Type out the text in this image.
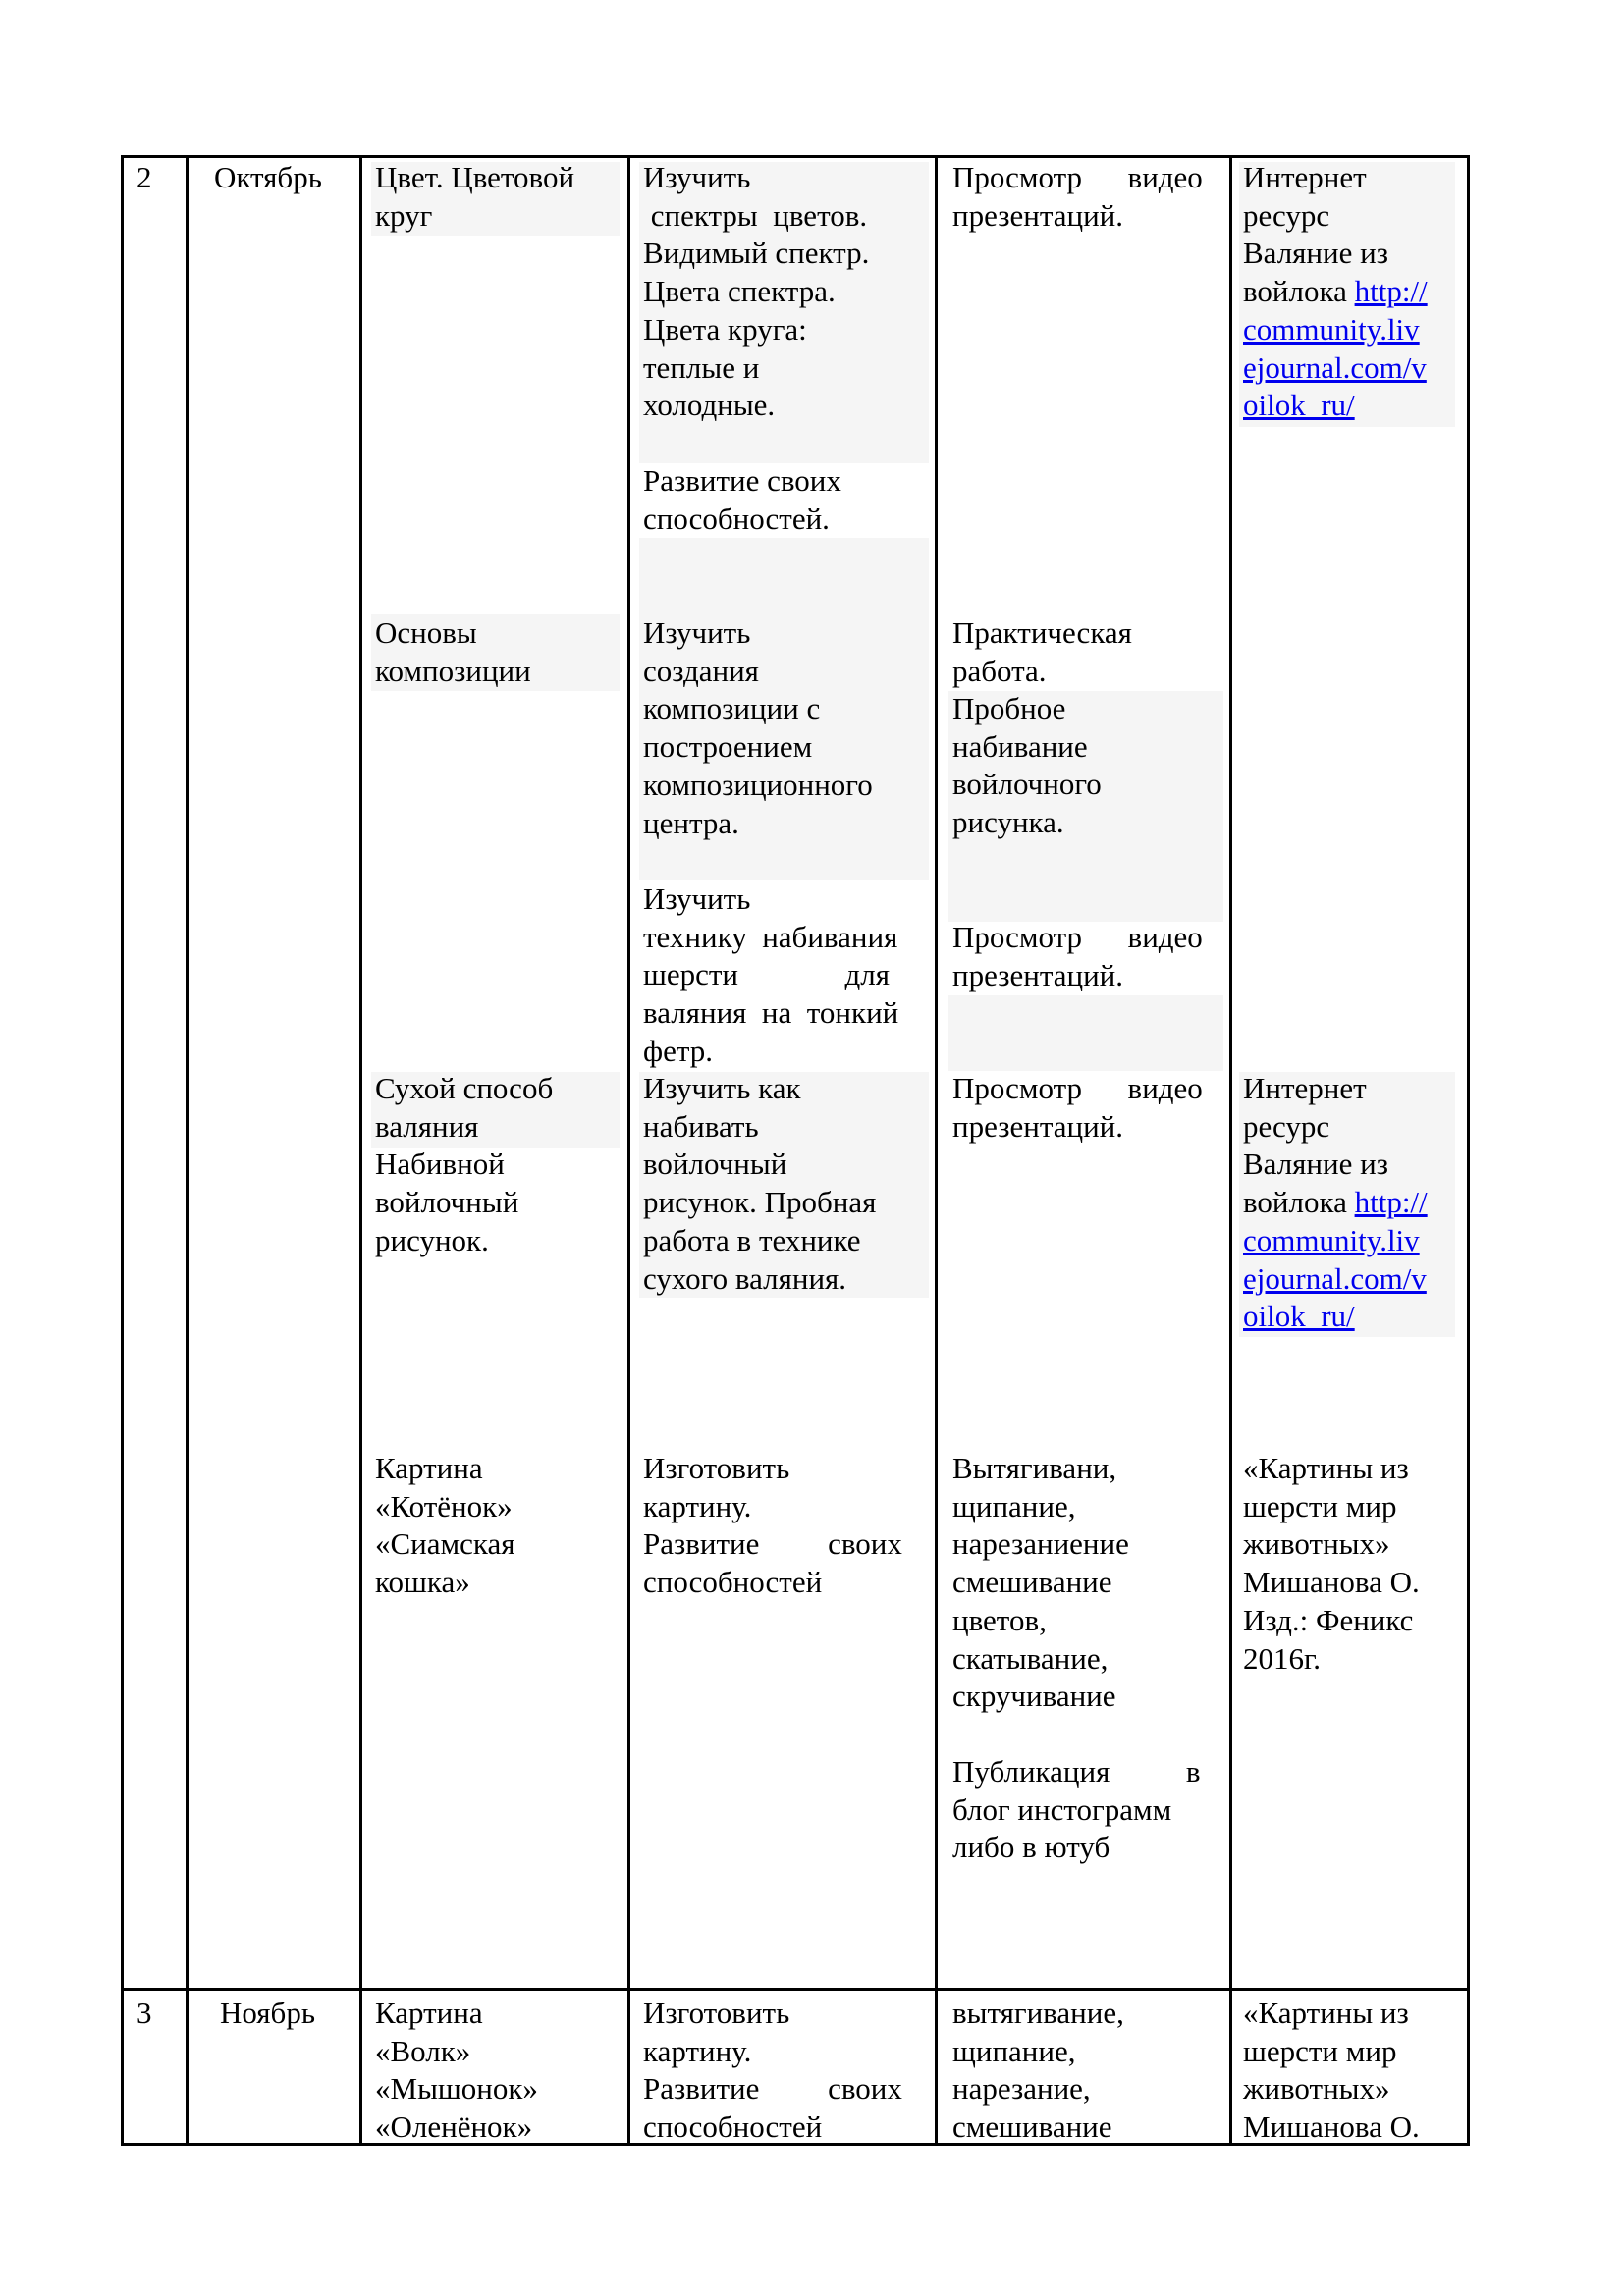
2 Октябрь Цвет. Цветовой
круг
Основы
композиции
Сухой способ
валяния
Набивной
войлочный
рисунок.
Картина
«Котёнок»
«Сиамская
кошка»
Изучить
спектры  цветов.
Видимый спектр.
Цвета спектра.
Цвета круга:
теплые и
холодные.
Развитие своих
способностей.
Изучить
создания
композиции с
построением
композиционного
центра.
Изучить
технику  набивания
шерсти              для
валяния  на  тонкий
фетр.
Изучить как
набивать
войлочный
рисунок. Пробная
работа в технике
сухого валяния.
Изготовить
картину.
Развитие         своих
способностей
Просмотр      видео
презентаций.
Практическая
работа.
Пробное
набивание
войлочного
рисунка.
Просмотр      видео
презентаций.
Просмотр      видео
презентаций.
Вытягивани,
щипание,
нарезаниение
смешивание
цветов,
скатывание,
скручивание
Публикация          в
блог инстограмм
либо в ютуб
Интернет
ресурс
Валяние из
войлока http://
community.liv
ejournal.com/v
oilok_ru/
Интернет
ресурс
Валяние из
войлока http://
community.liv
ejournal.com/v
oilok_ru/
«Картины из
шерсти мир
животных»
Мишанова О.
Изд.: Феникс
2016г.
3 Ноябрь Картина
«Волк»
«Мышонок»
«Оленёнок»
Изготовить
картину.
Развитие         своих
способностей
вытягивание,
щипание,
нарезание,
смешивание
«Картины из
шерсти мир
животных»
Мишанова О.
